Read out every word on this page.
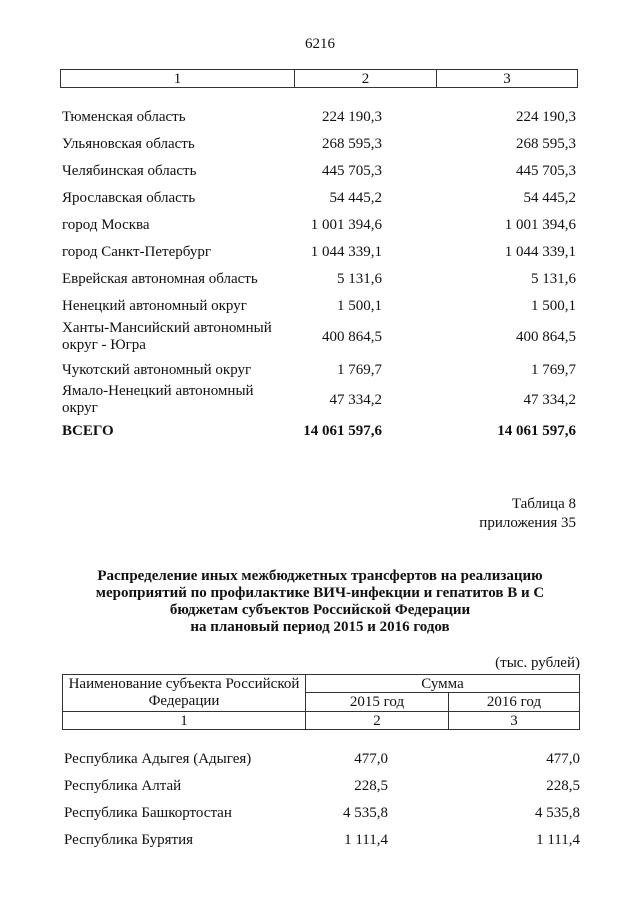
6216
1	2	3
Тюменская область	224 190,3	224 190,3
Ульяновская область	268 595,3	268 595,3
Челябинская область	445 705,3	445 705,3
Ярославская область	54 445,2	54 445,2
город Москва	1 001 394,6	1 001 394,6
город Санкт-Петербург	1 044 339,1	1 044 339,1
Еврейская автономная область	5 131,6	5 131,6
Ненецкий автономный округ	1 500,1	1 500,1
Ханты-Мансийский автономный округ - Югра	400 864,5	400 864,5
Чукотский автономный округ	1 769,7	1 769,7
Ямало-Ненецкий автономный округ	47 334,2	47 334,2
ВСЕГО	14 061 597,6	14 061 597,6
Таблица 8
приложения 35
Распределение иных межбюджетных трансфертов на реализацию
мероприятий по профилактике ВИЧ-инфекции и гепатитов В и С
бюджетам субъектов Российской Федерации
на плановый период 2015 и 2016 годов
(тыс. рублей)
Наименование субъекта Российской Федерации	Сумма	
	2015 год	2016 год
1	2	3
Республика Адыгея (Адыгея)	477,0	477,0
Республика Алтай	228,5	228,5
Республика Башкортостан	4 535,8	4 535,8
Республика Бурятия	1 111,4	1 111,4
